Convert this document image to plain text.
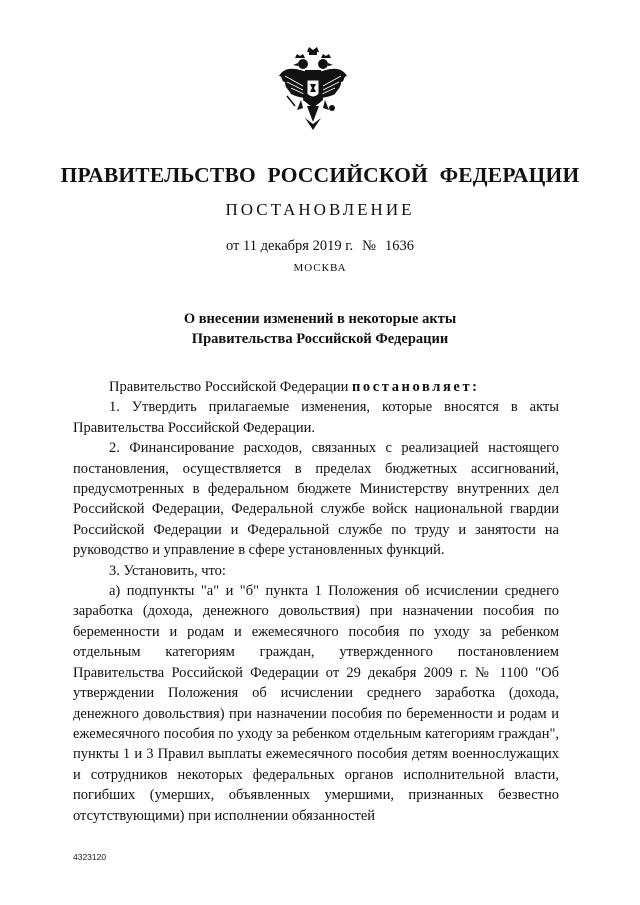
ПРАВИТЕЛЬСТВО РОССИЙСКОЙ ФЕДЕРАЦИИ
ПОСТАНОВЛЕНИЕ
от 11 декабря 2019 г. № 1636
МОСКВА
О внесении изменений в некоторые акты
Правительства Российской Федерации

Правительство Российской Федерации постановляет:

1. Утвердить прилагаемые изменения, которые вносятся в акты Правительства Российской Федерации.

2. Финансирование расходов, связанных с реализацией настоящего постановления, осуществляется в пределах бюджетных ассигнований, предусмотренных в федеральном бюджете Министерству внутренних дел Российской Федерации, Федеральной службе войск национальной гвардии Российской Федерации и Федеральной службе по труду и занятости на руководство и управление в сфере установленных функций.

3. Установить, что:

а) подпункты "а" и "б" пункта 1 Положения об исчислении среднего заработка (дохода, денежного довольствия) при назначении пособия по беременности и родам и ежемесячного пособия по уходу за ребенком отдельным категориям граждан, утвержденного постановлением Правительства Российской Федерации от 29 декабря 2009 г. № 1100 "Об утверждении Положения об исчислении среднего заработка (дохода, денежного довольствия) при назначении пособия по беременности и родам и ежемесячного пособия по уходу за ребенком отдельным категориям граждан", пункты 1 и 3 Правил выплаты ежемесячного пособия детям военнослужащих и сотрудников некоторых федеральных органов исполнительной власти, погибших (умерших, объявленных умершими, признанных безвестно отсутствующими) при исполнении обязанностей

4323120
